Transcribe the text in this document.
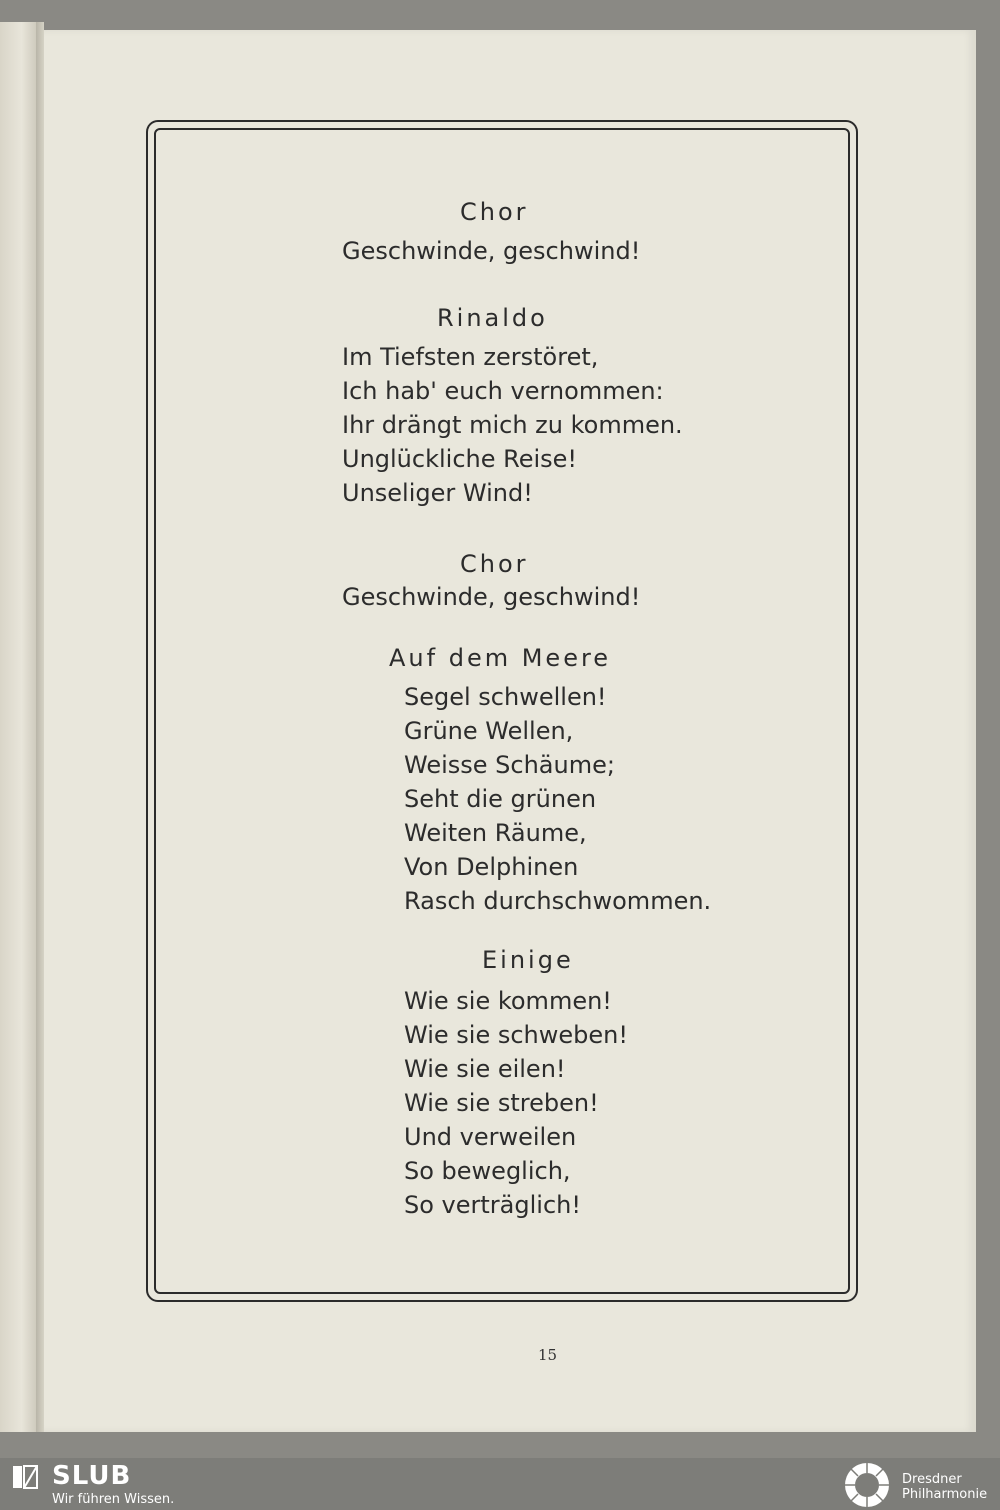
Chor
Geschwinde, geschwind!
Rinaldo
Im Tiefsten zerstöret,
Ich hab' euch vernommen:
Ihr drängt mich zu kommen.
Unglückliche Reise!
Unseliger Wind!
Chor
Geschwinde, geschwind!
Auf dem Meere
Segel schwellen!
Grüne Wellen,
Weisse Schäume;
Seht die grünen
Weiten Räume,
Von Delphinen
Rasch durchschwommen.
Einige
Wie sie kommen!
Wie sie schweben!
Wie sie eilen!
Wie sie streben!
Und verweilen
So beweglich,
So verträglich!
15
SLUB
Wir führen Wissen.
Dresdner
Philharmonie
